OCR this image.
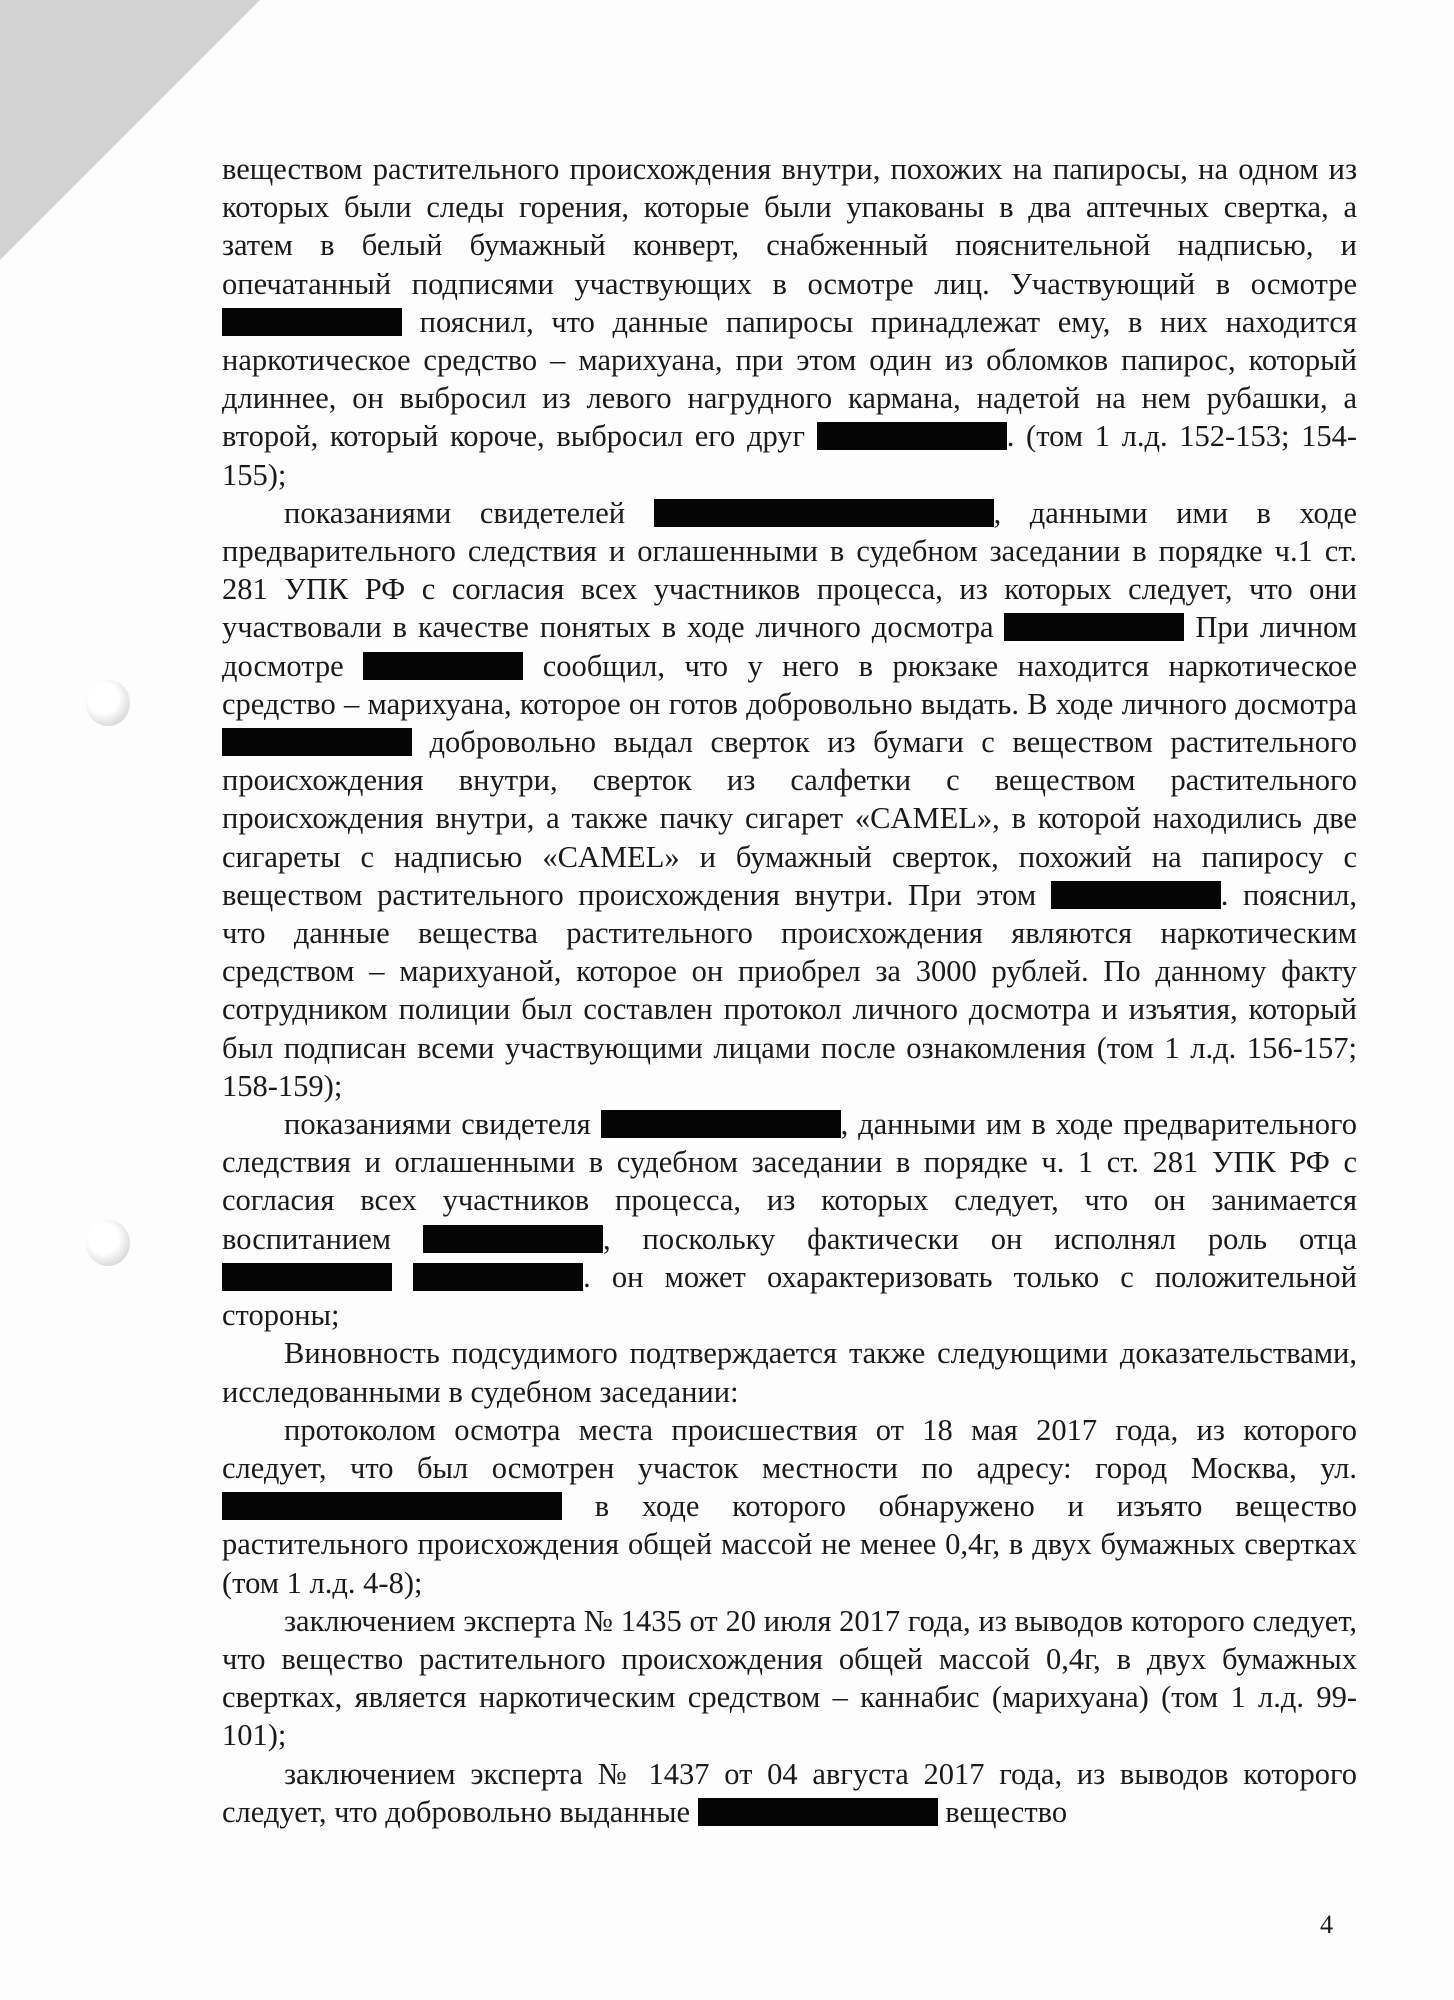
веществом растительного происхождения внутри, похожих на папиросы, на одном из которых были следы горения, которые были упакованы в два аптечных свертка, а затем в белый бумажный конверт, снабженный пояснительной надписью, и опечатанный подписями участвующих в осмотре лиц. Участвующий в осмотре  пояснил, что данные папиросы принадлежат ему, в них находится наркотическое средство – марихуана, при этом один из обломков папирос, который длиннее, он выбросил из левого нагрудного кармана, надетой на нем рубашки, а второй, который короче, выбросил его друг	. (том 1 л.д. 152-153; 154-155);

показаниями свидетелей	, данными ими в ходе предварительного следствия и оглашенными в судебном заседании в порядке ч.1 ст. 281 УПК РФ с согласия всех участников процесса, из которых следует, что они участвовали в качестве понятых в ходе личного досмотра	При личном досмотре	сообщил, что у него в рюкзаке находится наркотическое средство – марихуана, которое он готов добровольно выдать. В ходе личного досмотра  добровольно выдал сверток из бумаги с веществом растительного происхождения внутри, сверток из салфетки с веществом растительного происхождения внутри, а также пачку сигарет «CAMEL», в которой находились две сигареты с надписью «CAMEL» и бумажный сверток, похожий на папиросу с веществом растительного происхождения внутри. При этом	. пояснил, что данные вещества растительного происхождения являются наркотическим средством – марихуаной, которое он приобрел за 3000 рублей. По данному факту сотрудником полиции был составлен протокол личного досмотра и изъятия, который был подписан всеми участвующими лицами после ознакомления (том 1 л.д. 156-157; 158-159);

показаниями свидетеля	, данными им в ходе предварительного следствия и оглашенными в судебном заседании в порядке ч. 1 ст. 281 УПК РФ с согласия всех участников процесса, из которых следует, что он занимается воспитанием	, поскольку фактически он исполнял роль отца  . он может охарактеризовать только с положительной стороны;

Виновность подсудимого подтверждается также следующими доказательствами, исследованными в судебном заседании:

протоколом осмотра места происшествия от 18 мая 2017 года, из которого следует, что был осмотрен участок местности по адресу: город Москва, ул.  в ходе которого обнаружено и изъято вещество растительного происхождения общей массой не менее 0,4г, в двух бумажных свертках (том 1 л.д. 4-8);

заключением эксперта № 1435 от 20 июля 2017 года, из выводов которого следует, что вещество растительного происхождения общей массой 0,4г, в двух бумажных свертках, является наркотическим средством – каннабис (марихуана) (том 1 л.д. 99-101);

заключением эксперта № 1437 от 04 августа 2017 года, из выводов которого следует, что добровольно выданные	вещество

4
